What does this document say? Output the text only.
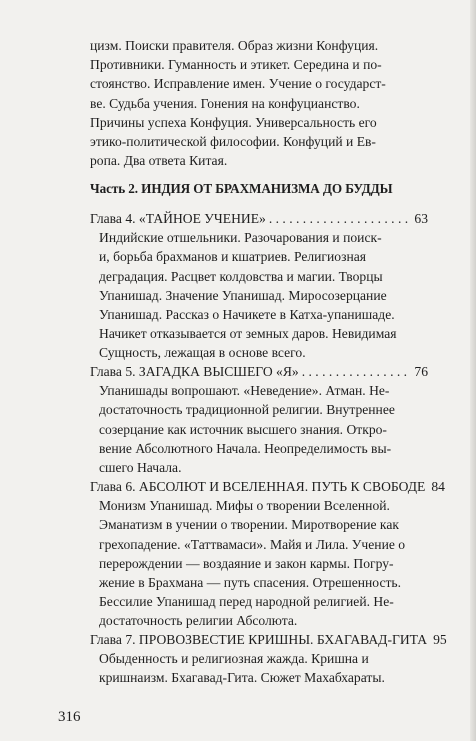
цизм. Поиски правителя. Образ жизни Конфуция.

Противники. Гуманность и этикет. Середина и по-

стоянство. Исправление имен. Учение о государст-

ве. Судьба учения. Гонения на конфуцианство.

Причины успеха Конфуция. Универсальность его

этико-политической философии. Конфуций и Ев-

ропа. Два ответа Китая.

Часть 2. ИНДИЯ ОТ БРАХМАНИЗМА ДО БУДДЫ
Глава 4. «ТАЙНОЕ УЧЕНИЕ» . . .	63

Индийские отшельники. Разочарования и поиск-

и, борьба брахманов и кшатриев. Религиозная

деградация. Расцвет колдовства и магии. Творцы

Упанишад. Значение Упанишад. Миросозерцание

Упанишад. Рассказ о Начикете в Катха-упанишаде.

Начикет отказывается от земных даров. Невидимая

Сущность, лежащая в основе всего.

Глава 5. ЗАГАДКА ВЫСШЕГО «Я» . . .	76

Упанишады вопрошают. «Неведение». Атман. Не-

достаточность традиционной религии. Внутреннее

созерцание как источник высшего знания. Откро-

вение Абсолютного Начала. Неопределимость вы-

сшего Начала.

Глава 6. АБСОЛЮТ И ВСЕЛЕННАЯ. ПУТЬ К СВОБОДЕ 84

Монизм Упанишад. Мифы о творении Вселенной.

Эманатизм в учении о творении. Миротворение как

грехопадение. «Таттвамаси». Майя и Лила. Учение о

перерождении — воздаяние и закон кармы. Погру-

жение в Брахмана — путь спасения. Отрешенность.

Бессилие Упанишад перед народной религией. Не-

достаточность религии Абсолюта.

Глава 7. ПРОВОЗВЕСТИЕ КРИШНЫ. БХАГАВАД-ГИТА 95

Обыденность и религиозная жажда. Кришна и

кришнаизм. Бхагавад-Гита. Сюжет Махабхараты.

316
